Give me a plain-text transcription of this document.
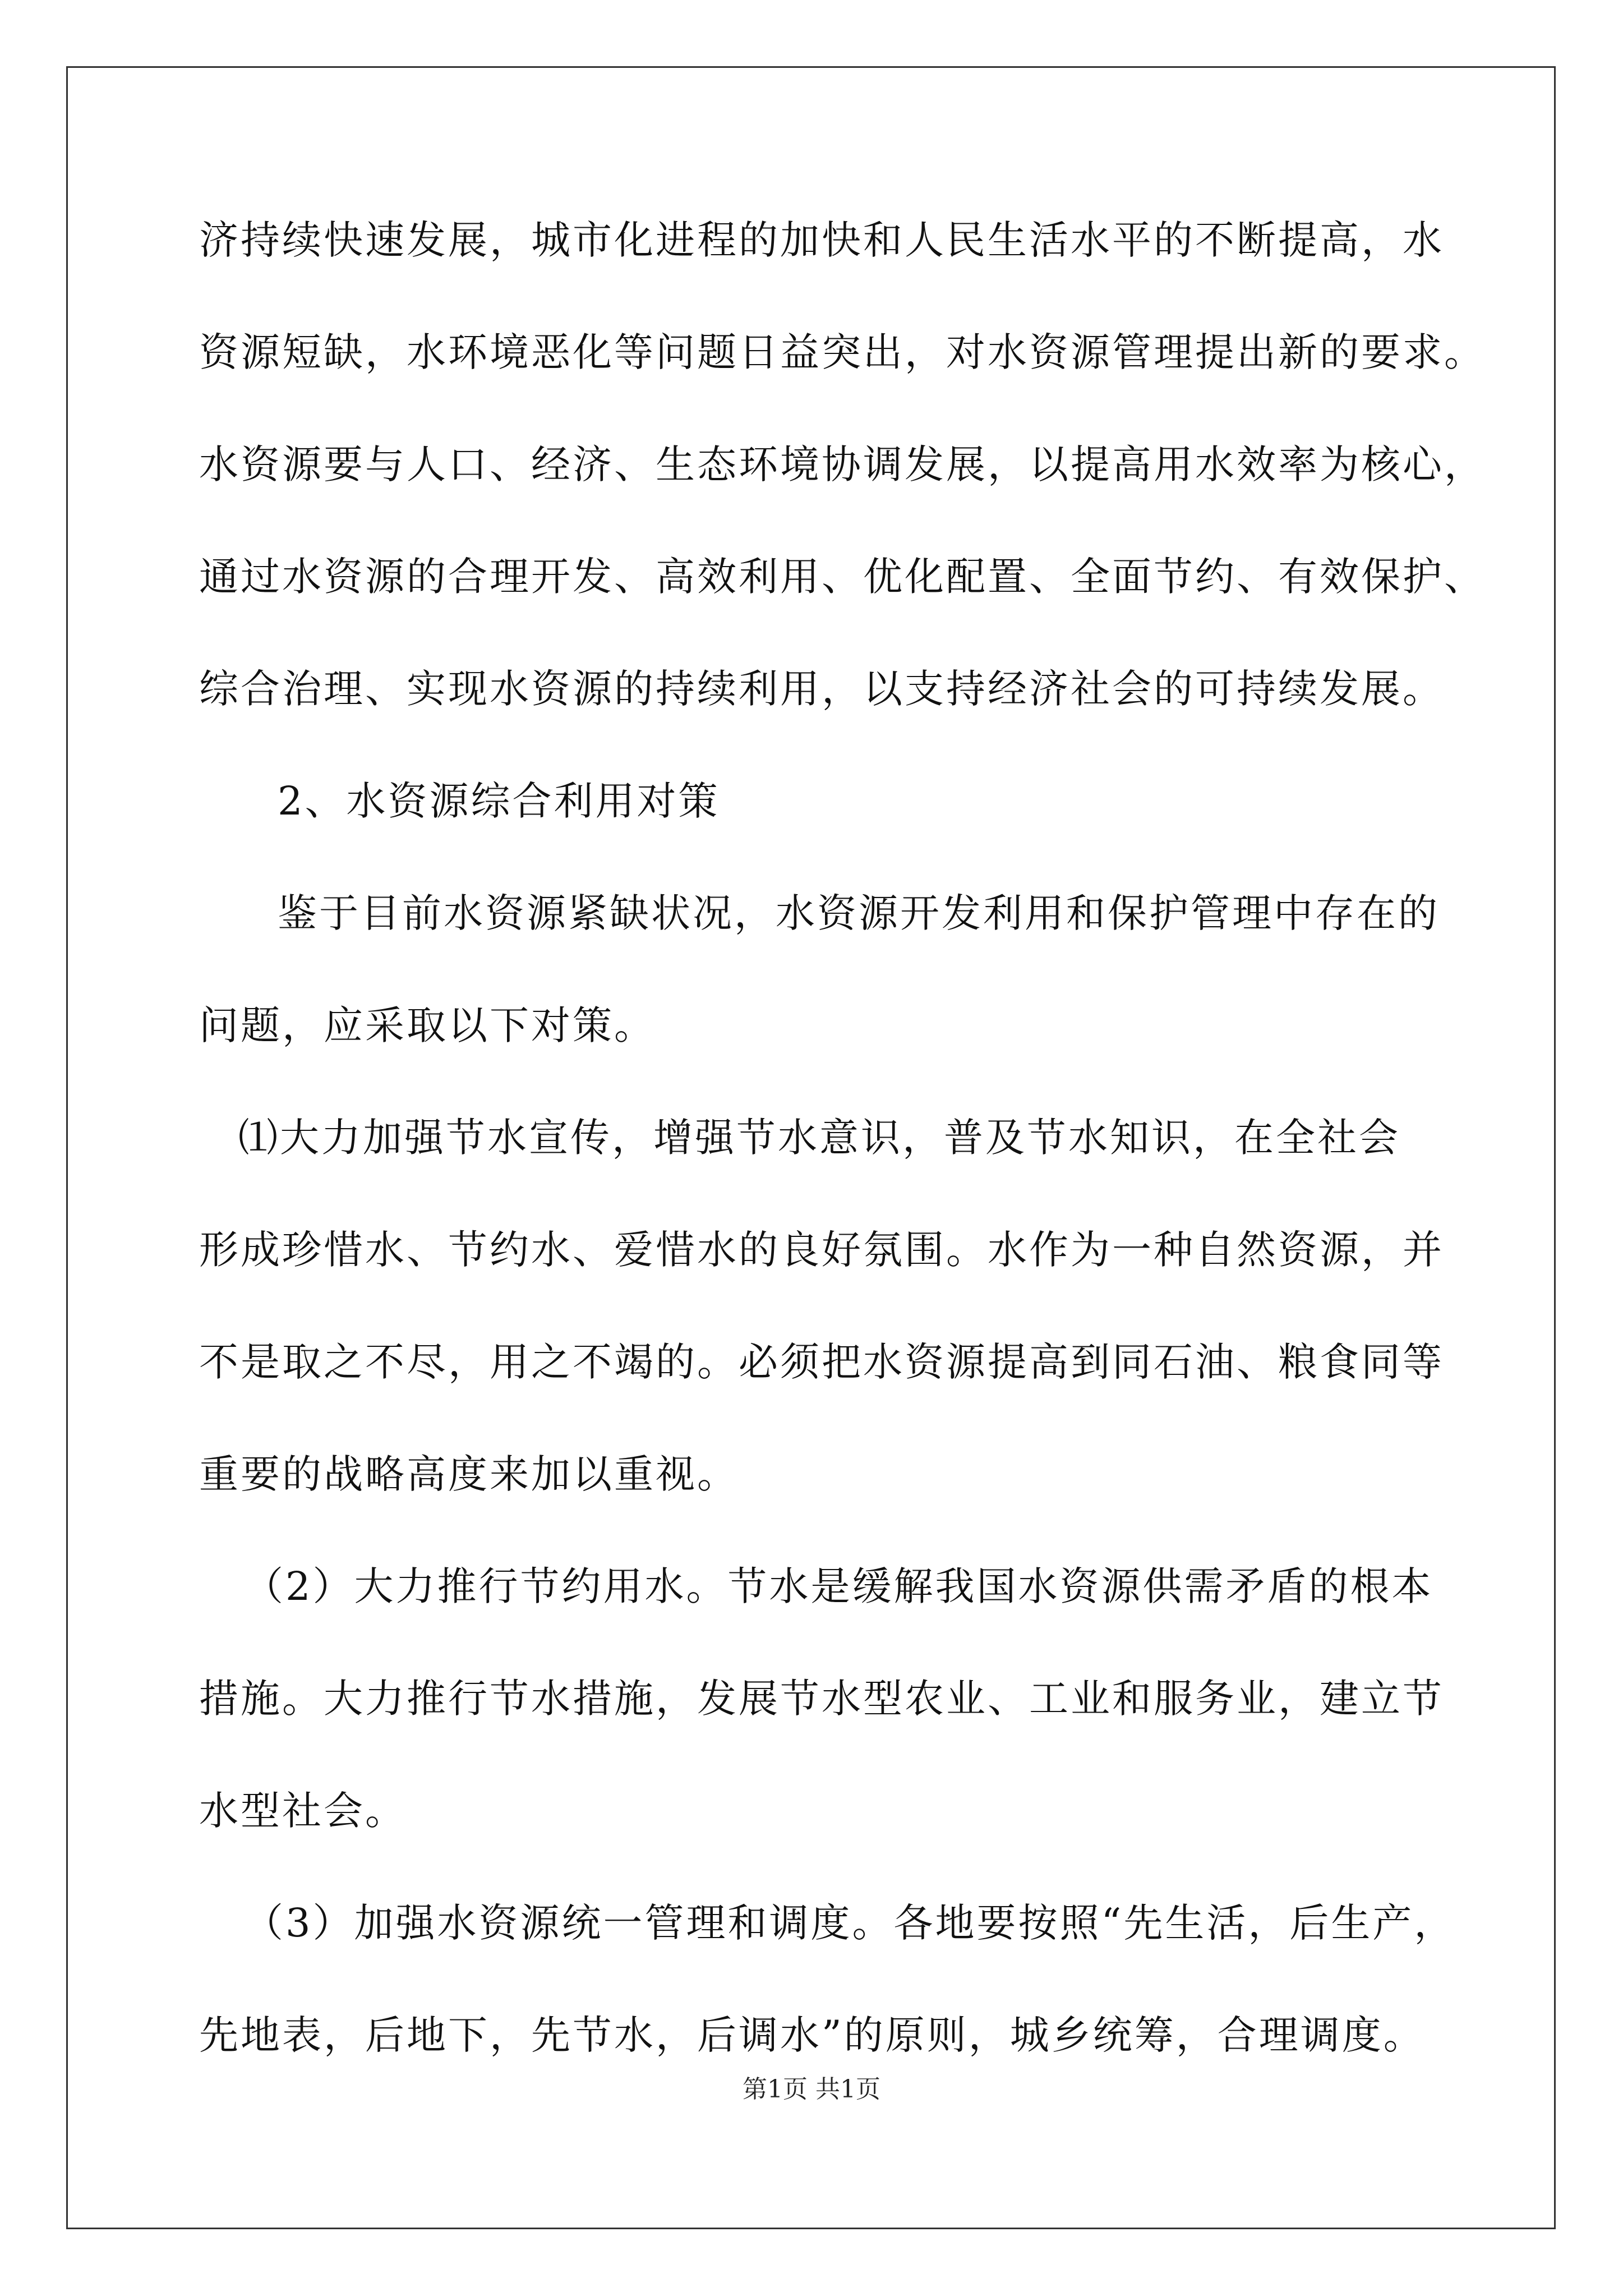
济持续快速发展，城市化进程的加快和人民生活水平的不断提高，水
资源短缺，水环境恶化等问题日益突出，对水资源管理提出新的要求。
水资源要与人口、经济、生态环境协调发展，以提高用水效率为核心，
通过水资源的合理开发、高效利用、优化配置、全面节约、有效保护、
综合治理、实现水资源的持续利用，以支持经济社会的可持续发展。
2、水资源综合利用对策
鉴于目前水资源紧缺状况，水资源开发利用和保护管理中存在的
问题，应采取以下对策。
⑴大力加强节水宣传，增强节水意识，普及节水知识，在全社会
形成珍惜水、节约水、爱惜水的良好氛围。水作为一种自然资源，并
不是取之不尽，用之不竭的。必须把水资源提高到同石油、粮食同等
重要的战略高度来加以重视。
（2）大力推行节约用水。节水是缓解我国水资源供需矛盾的根本
措施。大力推行节水措施，发展节水型农业、工业和服务业，建立节
水型社会。
（3）加强水资源统一管理和调度。各地要按照“先生活，后生产，
先地表，后地下，先节水，后调水”的原则，城乡统筹，合理调度。
第1页 共1页
